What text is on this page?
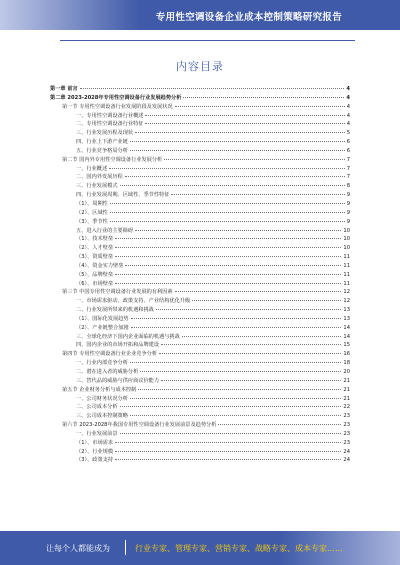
专用性空调设备企业成本控制策略研究报告
内容目录
第一章 前言	4
第二章 2023-2028年专用性空调设备行业发展趋势分析	4
第一节 专用性空调设备行业发展阶段及发展状况	4
一、专用性空调设备行业概述	4
二、专用性空调设备行业特征	4
三、行业发展历程及现状	5
四、行业上下游产业链	6
五、行业竞争格局分析	6
第二节 国内外专用性空调设备行业发展分析	7
一、行业概述	7
二、国内外发展历程	7
三、行业发展模式	8
四、行业发展周期、区域性、季节性特征	9
（1）、周期性	9
（2）、区域性	9
（3）、季节性	9
五、进入行业的主要障碍	10
（1）、技术壁垒	10
（2）、人才壁垒	10
（3）、资质壁垒	11
（4）、资金实力壁垒	11
（5）、品牌壁垒	11
（6）、市场壁垒	11
第三节 中国专用性空调设备行业发展的有利因素	12
一、市场需求驱动、政策支持、产业结构优化升级	12
二、行业发展所带来的机遇和挑战	13
（1）、国际化发展趋势	13
（2）、产业链整合加剧	14
三、全球化经济下国内企业面临的机遇与挑战	14
四、国内企业的市场开拓和品牌建设	15
第四节 专用性空调设备行业企业竞争分析	16
一、行业内部竞争分析	18
二、潜在进入者的威胁分析	20
三、替代品的威胁与供应商议价能力	21
第五节 企业财务分析与成本控制	21
一、公司财务状况分析	21
二、公司成本分析	22
三、公司成本控制策略	23
第六节 2023-2028年我国专用性空调设备行业发展前景及趋势分析	23
一、行业发展前景	23
（1）、市场需求	23
（2）、行业规模	24
（3）、政策支持	24
让每个人都能成为	行业专家、管理专家、营销专家、战略专家、成本专家……
